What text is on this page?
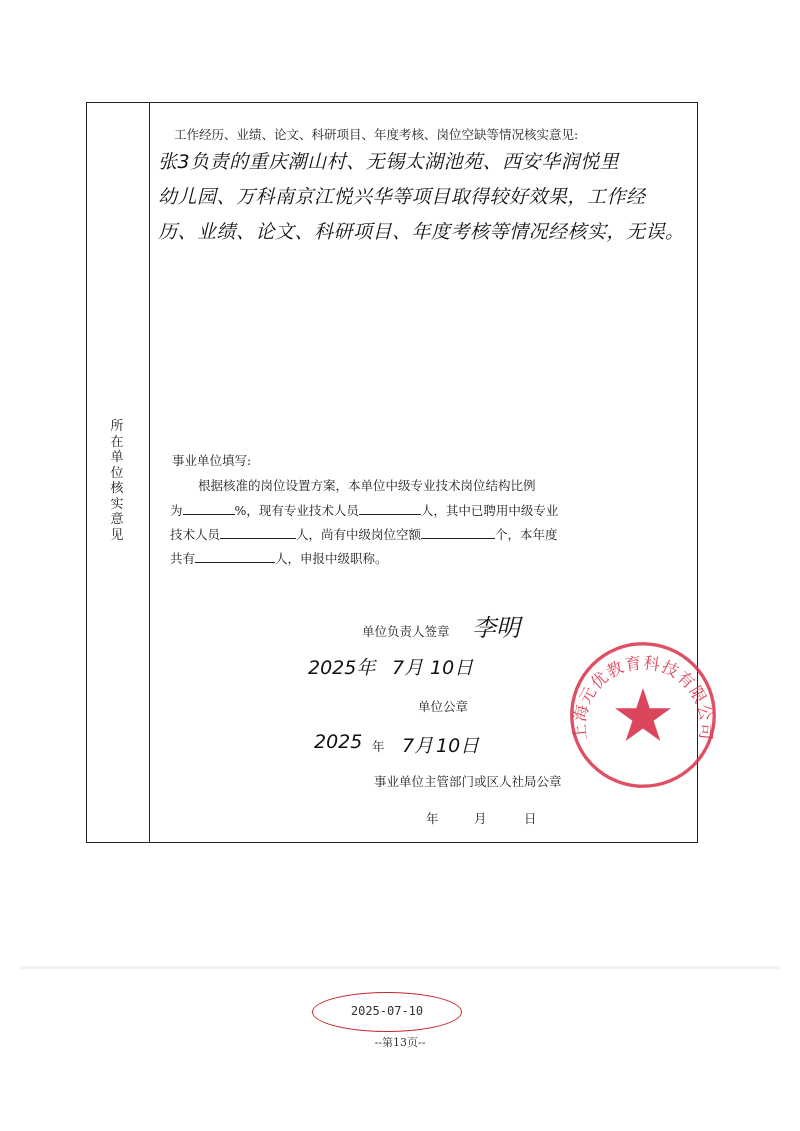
所在单位核实意见
工作经历、业绩、论文、科研项目、年度考核、岗位空缺等情况核实意见:
张3负责的重庆潮山村、无锡太湖池苑、西安华润悦里
幼儿园、万科南京江悦兴华等项目取得较好效果，工作经
历、业绩、论文、科研项目、年度考核等情况经核实，无误。
事业单位填写:
根据核准的岗位设置方案，本单位中级专业技术岗位结构比例
为	%，现有专业技术人员	人，其中已聘用中级专业
技术人员	人，尚有中级岗位空额	个，本年度
共有	人，申报中级职称。
单位负责人签章 李明
2025年 7月 10日
单位公章
2025 年 7月 10日
事业单位主管部门或区人社局公章
年	月	日
上海元优教育科技有限公司
2025-07-10
--第13页--
